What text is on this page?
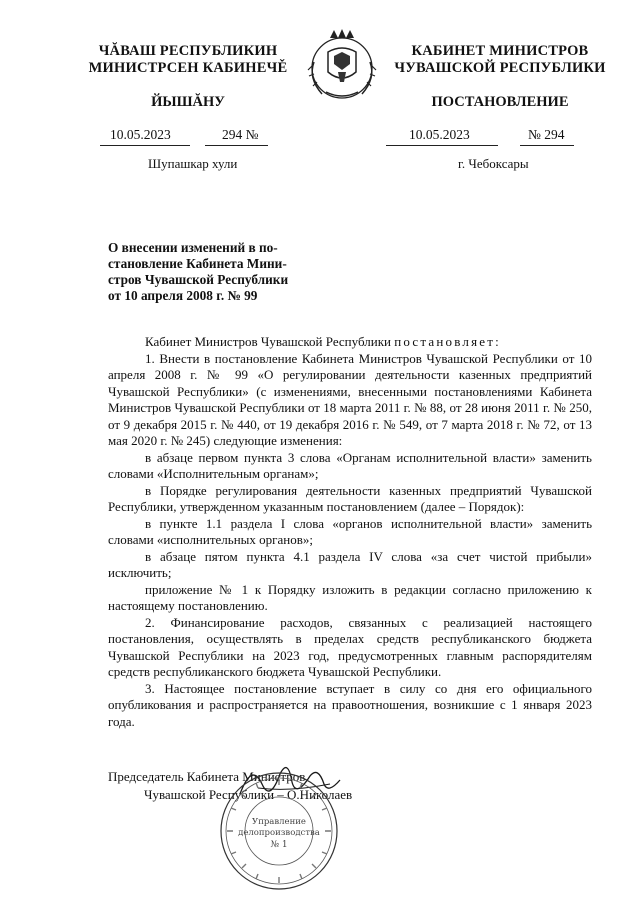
ЧĂВАШ РЕСПУБЛИКИН
МИНИСТРСЕН КАБИНЕЧĚ
КАБИНЕТ МИНИСТРОВ
ЧУВАШСКОЙ РЕСПУБЛИКИ
ЙЫШĂНУ	ПОСТАНОВЛЕНИЕ
10.05.2023	294 №	10.05.2023	№ 294
Шупашкар хули	г. Чебоксары
О внесении изменений в по-
становление Кабинета Мини-
стров Чувашской Республики
от 10 апреля 2008 г. № 99

Кабинет Министров Чувашской Республики постановляет:

1. Внести в постановление Кабинета Министров Чувашской Республики от 10 апреля 2008 г. № 99 «О регулировании деятельности казенных предприятий Чувашской Республики» (с изменениями, внесенными постановлениями Кабинета Министров Чувашской Республики от 18 марта 2011 г. № 88, от 28 июня 2011 г. № 250, от 9 декабря 2015 г. № 440, от 19 декабря 2016 г. № 549, от 7 марта 2018 г. № 72, от 13 мая 2020 г. № 245) следующие изменения:

в абзаце первом пункта 3 слова «Органам исполнительной власти» заменить словами «Исполнительным органам»;

в Порядке регулирования деятельности казенных предприятий Чувашской Республики, утвержденном указанным постановлением (далее – Порядок):

в пункте 1.1 раздела I слова «органов исполнительной власти» заменить словами «исполнительных органов»;

в абзаце пятом пункта 4.1 раздела IV слова «за счет чистой прибыли» исключить;

приложение № 1 к Порядку изложить в редакции согласно приложению к настоящему постановлению.

2. Финансирование расходов, связанных с реализацией настоящего постановления, осуществлять в пределах средств республиканского бюджета Чувашской Республики на 2023 год, предусмотренных главным распорядителям средств республиканского бюджета Чувашской Республики.

3. Настоящее постановление вступает в силу со дня его официального опубликования и распространяется на правоотношения, возникшие с 1 января 2023 года.

Председатель Кабинета Министров
Чувашской Республики – О.Николаев
Управление
делопроизводства
№ 1
